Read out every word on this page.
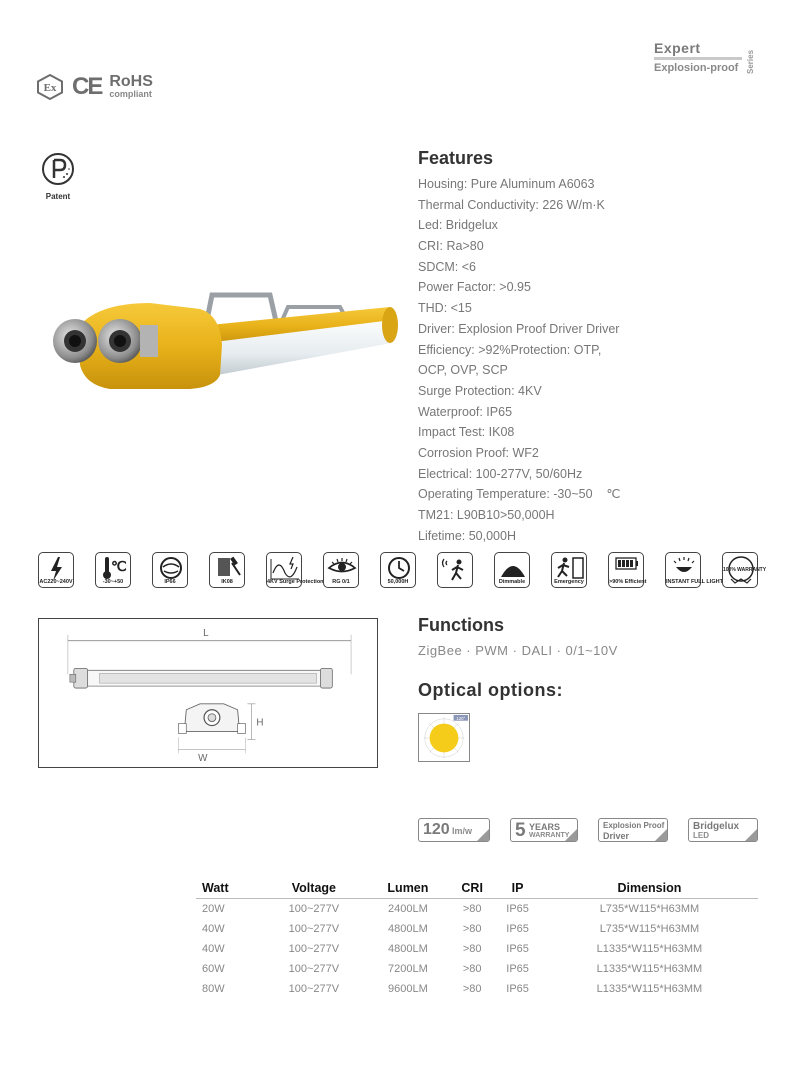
Expert
Explosion-proof Series
Ex CE RoHS
compliant
Patent
Features
Housing: Pure Aluminum A6063
Thermal Conductivity: 226 W/m·K
Led: Bridgelux
CRI: Ra>80
SDCM: <6
Power Factor: >0.95
THD: <15
Driver: Explosion Proof Driver Driver
Efficiency: >92%Protection: OTP,
OCP, OVP, SCP
Surge Protection: 4KV
Waterproof: IP65
Impact Test: IK08
Corrosion Proof: WF2
Electrical: 100-277V, 50/60Hz
Operating Temperature: -30~50    ℃
TM21: L90B10>50,000H
Lifetime: 50,000H
AC220~240V
℃
-30~+50	IP66	IK08	4KV Surge Protection	RG 0/1	50,000H	Dimmable	Emergency	>90% Efficient	INSTANT FULL LIGHT
100% WARRANTY
L
H
W
Functions
ZigBee · PWM · DALI · 0/1~10V
Optical options:
120°
120 lm/w 5 YEARS
WARRANTY
Explosion Proof
Driver
Bridgelux
LED
Watt	Voltage	Lumen	CRI	IP	Dimension
20W	100~277V	2400LM	>80	IP65	L735*W115*H63MM
40W	100~277V	4800LM	>80	IP65	L735*W115*H63MM
40W	100~277V	4800LM	>80	IP65	L1335*W115*H63MM
60W	100~277V	7200LM	>80	IP65	L1335*W115*H63MM
80W	100~277V	9600LM	>80	IP65	L1335*W115*H63MM
